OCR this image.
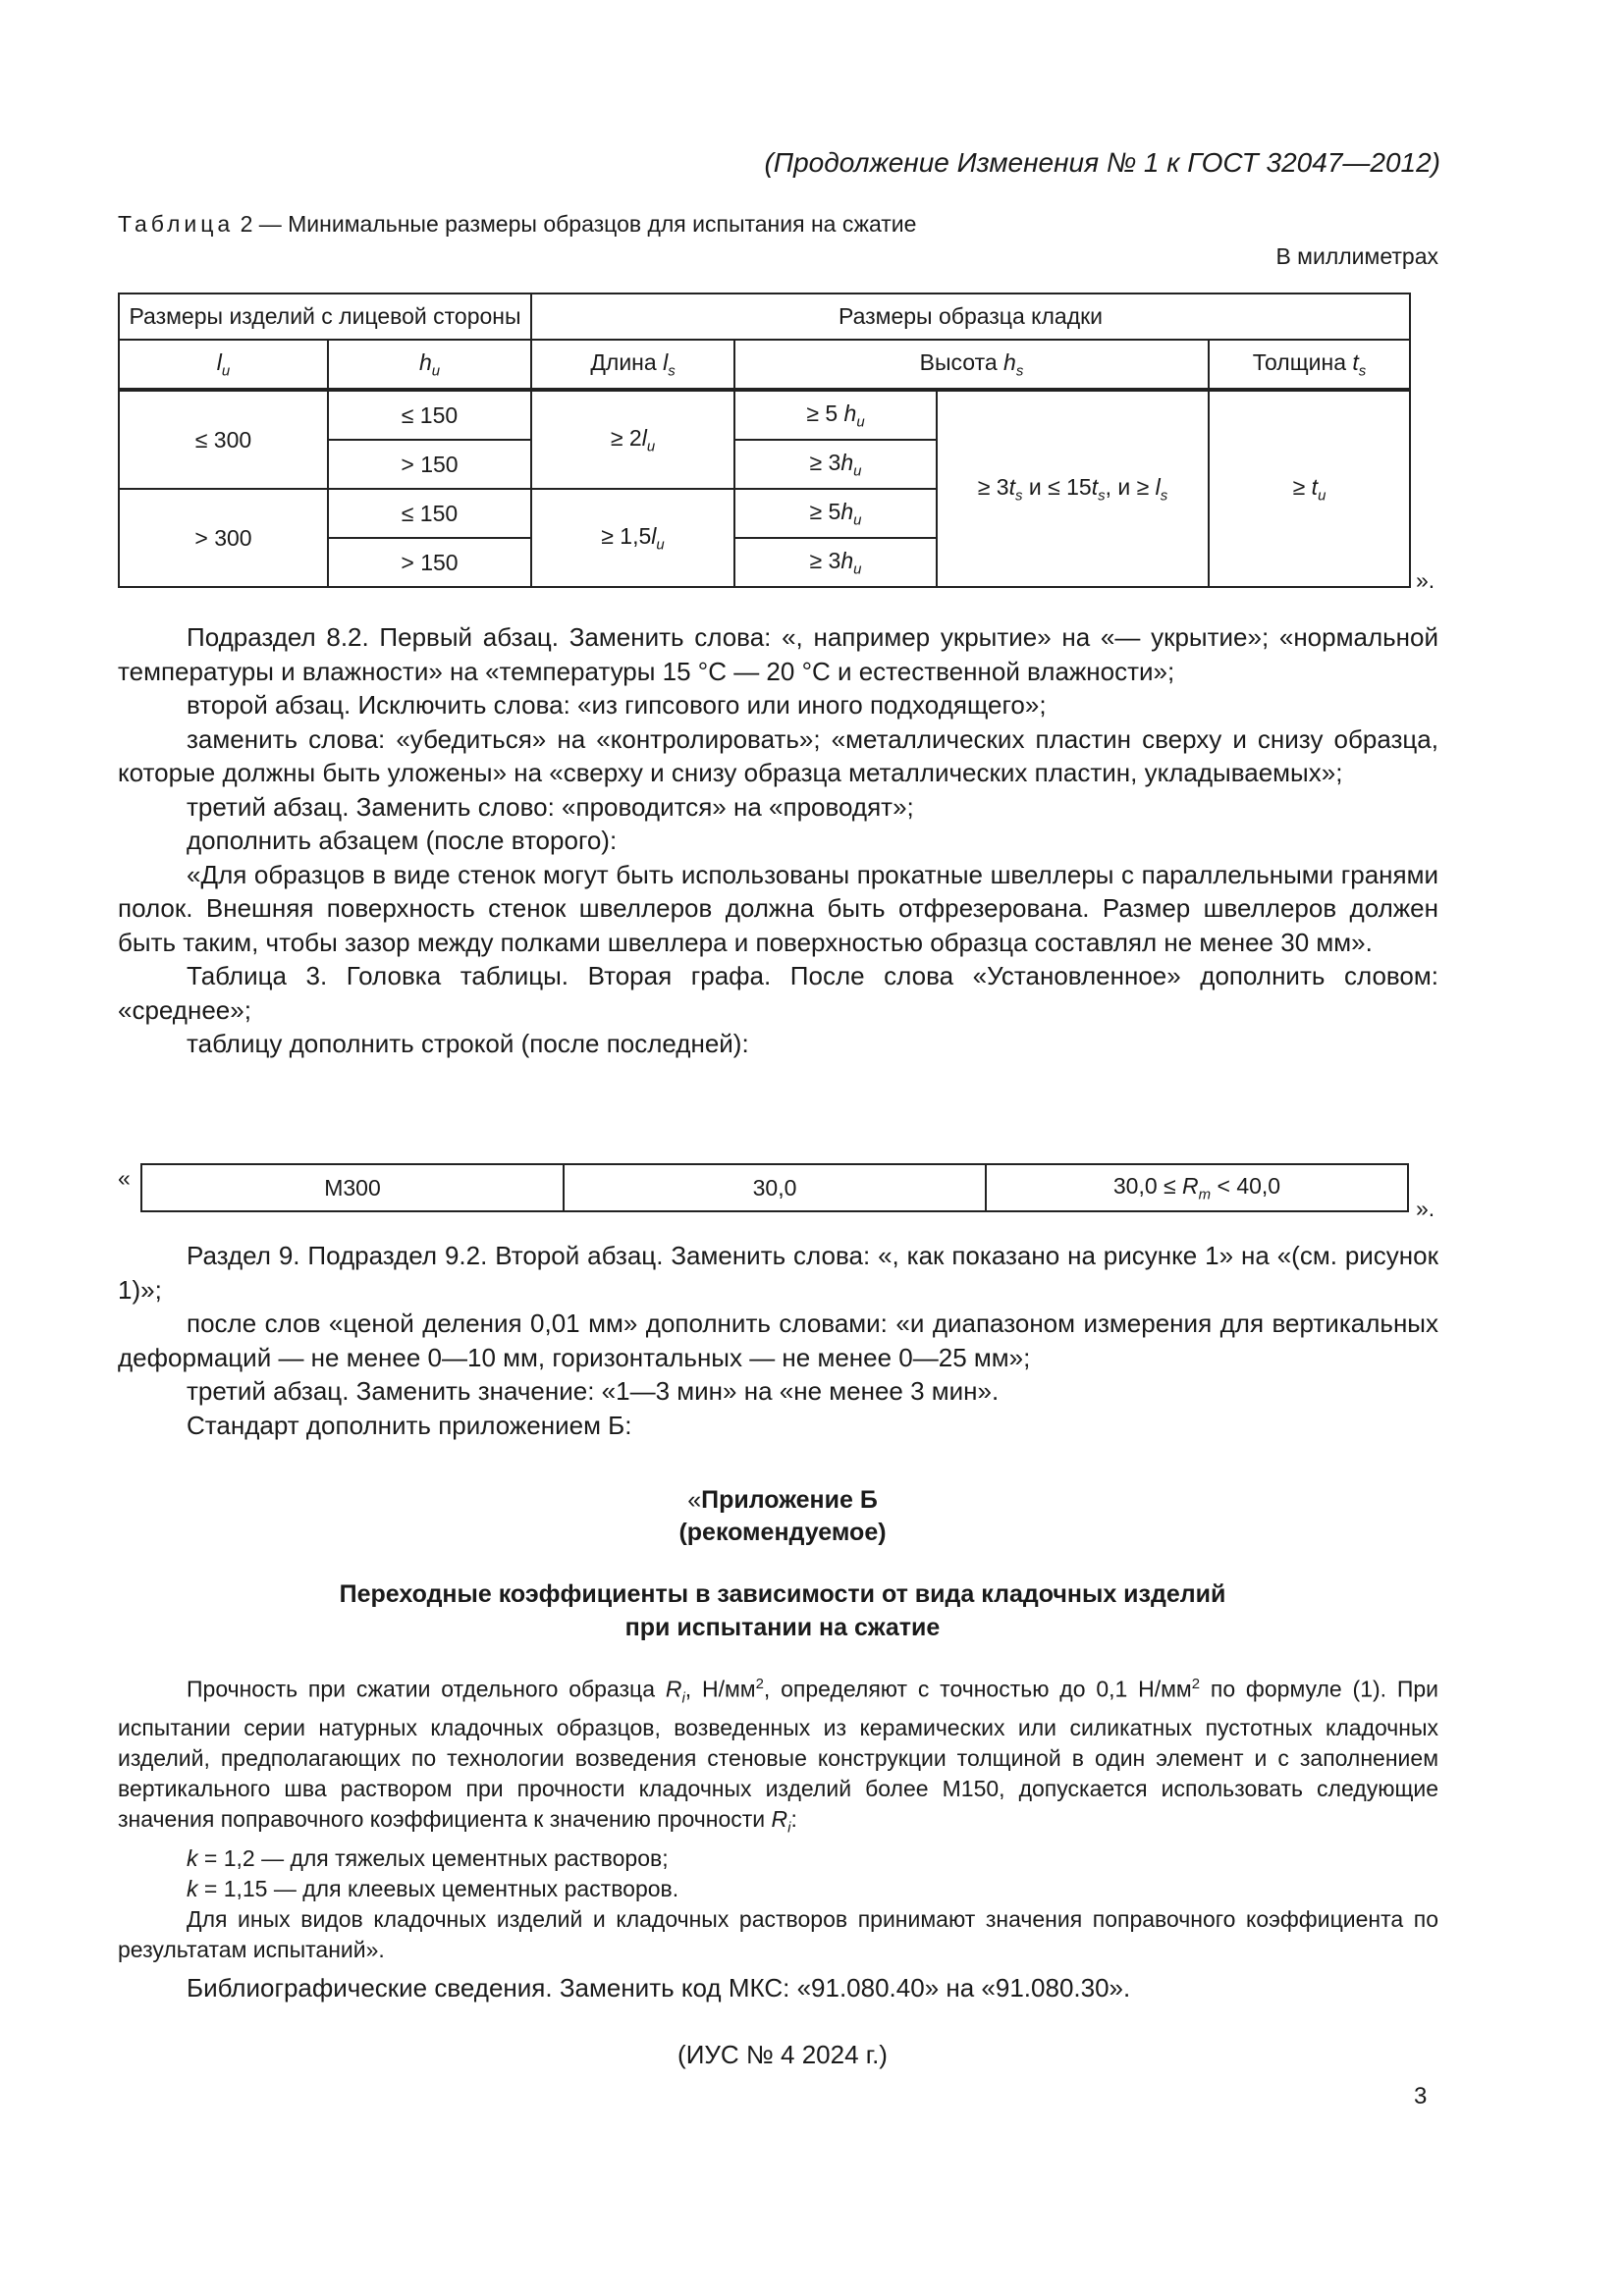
(Продолжение Изменения № 1 к ГОСТ 32047—2012)
Таблица 2 — Минимальные размеры образцов для испытания на сжатие
В миллиметрах
Размеры изделий с лицевой стороны		Размеры образца кладки			
$l_u$	$h_u$	Длина $l_s$	Высота $h_s$		Толщина $t_s$
≤ 300	≤ 150	≥ $2l_u$	≥ 5 $h_u$	≥ $3t_s$ $и \le 15t_s$, $и \ge l_s$	≥ $t_u$
	> 150		≥ $3h_u$
> 300	≤ 150	≥ $1,5l_u$	≥ $5h_u$
	> 150		≥ $3h_u$	».

Подраздел 8.2. Первый абзац. Заменить слова: «, например укрытие» на «— укрытие»; «нормальной температуры и влажности» на «температуры 15 °С — 20 °С и естественной влажности»;

второй абзац. Исключить слова: «из гипсового или иного подходящего»;

заменить слова: «убедиться» на «контролировать»; «металлических пластин сверху и снизу образца, которые должны быть уложены» на «сверху и снизу образца металлических пластин, укладываемых»;

третий абзац. Заменить слово: «проводится» на «проводят»;

дополнить абзацем (после второго):

«Для образцов в виде стенок могут быть использованы прокатные швеллеры с параллельными гранями полок. Внешняя поверхность стенок швеллеров должна быть отфрезерована. Размер швеллеров должен быть таким, чтобы зазор между полками швеллера и поверхностью образца составлял не менее 30 мм».

Таблица 3. Головка таблицы. Вторая графа. После слова «Установленное» дополнить словом: «среднее»;

таблицу дополнить строкой (после последней):

«	М300	30,0	$30,0 \le R_m < 40,0$
».

Раздел 9. Подраздел 9.2. Второй абзац. Заменить слова: «, как показано на рисунке 1» на «(см. рисунок 1)»;

после слов «ценой деления 0,01 мм» дополнить словами: «и диапазоном измерения для вертикальных деформаций — не менее 0—10 мм, горизонтальных — не менее 0—25 мм»;

третий абзац. Заменить значение: «1—3 мин» на «не менее 3 мин».

Стандарт дополнить приложением Б:

«Приложение Б
(рекомендуемое)
Переходные коэффициенты в зависимости от вида кладочных изделий
при испытании на сжатие

Прочность при сжатии отдельного образца $R_i$, $Н/мм^2$, определяют с точностью до 0,1 $Н/мм^2$ по формуле (1). При испытании серии натурных кладочных образцов, возведенных из керамических или силикатных пустотных кладочных изделий, предполагающих по технологии возведения стеновые конструкции толщиной в один элемент и с заполнением вертикального шва раствором при прочности кладочных изделий более М150, допускается использовать следующие значения поправочного коэффициента к значению прочности $R_i$:

k = 1,2 — для тяжелых цементных растворов;

k = 1,15 — для клеевых цементных растворов.

Для иных видов кладочных изделий и кладочных растворов принимают значения поправочного коэффициента по результатам испытаний».

Библиографические сведения. Заменить код МКС: «91.080.40» на «91.080.30».

(ИУС № 4 2024 г.)
3
